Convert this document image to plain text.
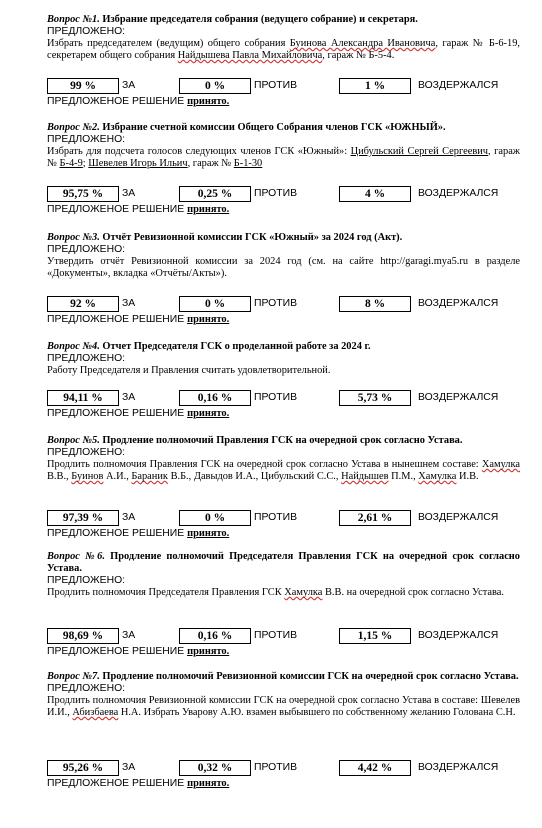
Вопрос №1. Избрание председателя собрания (ведущего собрание) и секретаря.
ПРЕДЛОЖЕНО:
Избрать председателем (ведущим) общего собрания Буинова Александра Ивановича, гараж № Б-6-19, секретарем общего собрания Найдышева Павла Михайловича, гараж № Б-5-4.
99 %	ЗА	0 %	ПРОТИВ	1 %	ВОЗДЕРЖАЛСЯ
ПРЕДЛОЖЕНОЕ РЕШЕНИЕ принято.
Вопрос №2. Избрание счетной комиссии Общего Собрания членов ГСК «ЮЖНЫЙ».
ПРЕДЛОЖЕНО:
Избрать для подсчета голосов следующих членов ГСК «Южный»: Цибульский Сергей Сергеевич, гараж № Б-4-9; Шевелев Игорь Ильич, гараж № Б-1-30
95,75 %	ЗА	0,25 %	ПРОТИВ	4 %	ВОЗДЕРЖАЛСЯ
ПРЕДЛОЖЕНОЕ РЕШЕНИЕ принято.
Вопрос №3. Отчёт Ревизионной комиссии ГСК «Южный» за 2024 год (Акт).
ПРЕДЛОЖЕНО:
Утвердить отчёт Ревизионной комиссии за 2024 год (см. на сайте http://garagi.mya5.ru в разделе «Документы», вкладка «Отчёты/Акты»).
92 %	ЗА	0 %	ПРОТИВ	8 %	ВОЗДЕРЖАЛСЯ
ПРЕДЛОЖЕНОЕ РЕШЕНИЕ принято.
Вопрос №4. Отчет Председателя ГСК о проделанной работе за 2024 г.
ПРЕДЛОЖЕНО:
Работу Председателя и Правления считать удовлетворительной.
94,11 %	ЗА	0,16 %	ПРОТИВ	5,73 %	ВОЗДЕРЖАЛСЯ
ПРЕДЛОЖЕНОЕ РЕШЕНИЕ принято.
Вопрос №5. Продление полномочий Правления ГСК на очередной срок согласно Устава.
ПРЕДЛОЖЕНО:
Продлить полномочия Правления ГСК на очередной срок согласно Устава в нынешнем составе: Хамулка В.В., Буинов А.И., Бараник В.Б., Давыдов И.А., Цибульский С.С., Найдышев П.М., Хамулка И.В.
97,39 %	ЗА	0 %	ПРОТИВ	2,61 %	ВОЗДЕРЖАЛСЯ
ПРЕДЛОЖЕНОЕ РЕШЕНИЕ принято.
Вопрос №6. Продление полномочий Председателя Правления ГСК на очередной срок согласно Устава.
ПРЕДЛОЖЕНО:
Продлить полномочия Председателя Правления ГСК Хамулка В.В. на очередной срок согласно Устава.
98,69 %	ЗА	0,16 %	ПРОТИВ	1,15 %	ВОЗДЕРЖАЛСЯ
ПРЕДЛОЖЕНОЕ РЕШЕНИЕ принято.
Вопрос №7. Продление полномочий Ревизионной комиссии ГСК на очередной срок согласно Устава.
ПРЕДЛОЖЕНО:
Продлить полномочия Ревизионной комиссии ГСК на очередной срок согласно Устава в составе: Шевелев И.И., Абизбаева Н.А. Избрать Уварову А.Ю. взамен выбывшего по собственному желанию Голована С.Н.
95,26 %	ЗА	0,32 %	ПРОТИВ	4,42 %	ВОЗДЕРЖАЛСЯ
ПРЕДЛОЖЕНОЕ РЕШЕНИЕ принято.
